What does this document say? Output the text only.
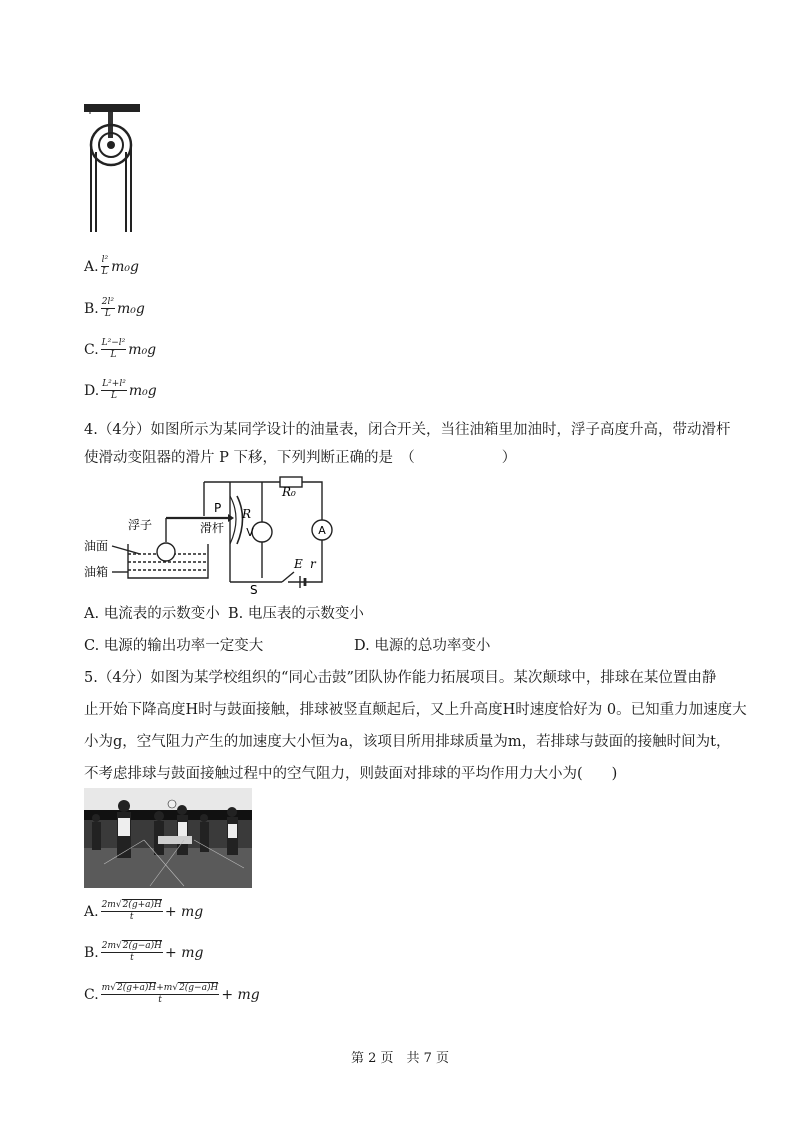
A. $\frac{\text{l²}}{L} m_0g$
B. $\frac{\text{2l²}}{L} m_0g$
C. $\frac{\text{L²−l²}}{L} m_0g$
D. $\frac{\text{L²+l²}}{L} m_0g$
4.（4分）如图所示为某同学设计的油量表，闭合开关，当往油箱里加油时，浮子高度升高，带动滑杆
使滑动变阻器的滑片 P 下移，下列判断正确的是　（　　　　　　）
V	A
R₀
R
P
滑杆
浮子
油面
油箱
E r
S
A. 电流表的示数变小 B. 电压表的示数变小
C. 电源的输出功率一定变大	D. 电源的总功率变小
5.（4分）如图为某学校组织的“同心击鼓”团队协作能力拓展项目。某次颠球中，排球在某位置由静
止开始下降高度H时与鼓面接触，排球被竖直颠起后，又上升高度H时速度恰好为 0。已知重力加速度大
小为g，空气阻力产生的加速度大小恒为a，该项目所用排球质量为m，若排球与鼓面的接触时间为t，
不考虑排球与鼓面接触过程中的空气阻力，则鼓面对排球的平均作用力大小为(　　)
A. $\frac{2m√2(g+a)H}{t}$ + mg
B. $\frac{2m√2(g-a)H}{t}$ + mg
C. $\frac{m√2(g+a)H+m√2(g-a)H}{t}$ + mg
第 2 页　共 7 页
